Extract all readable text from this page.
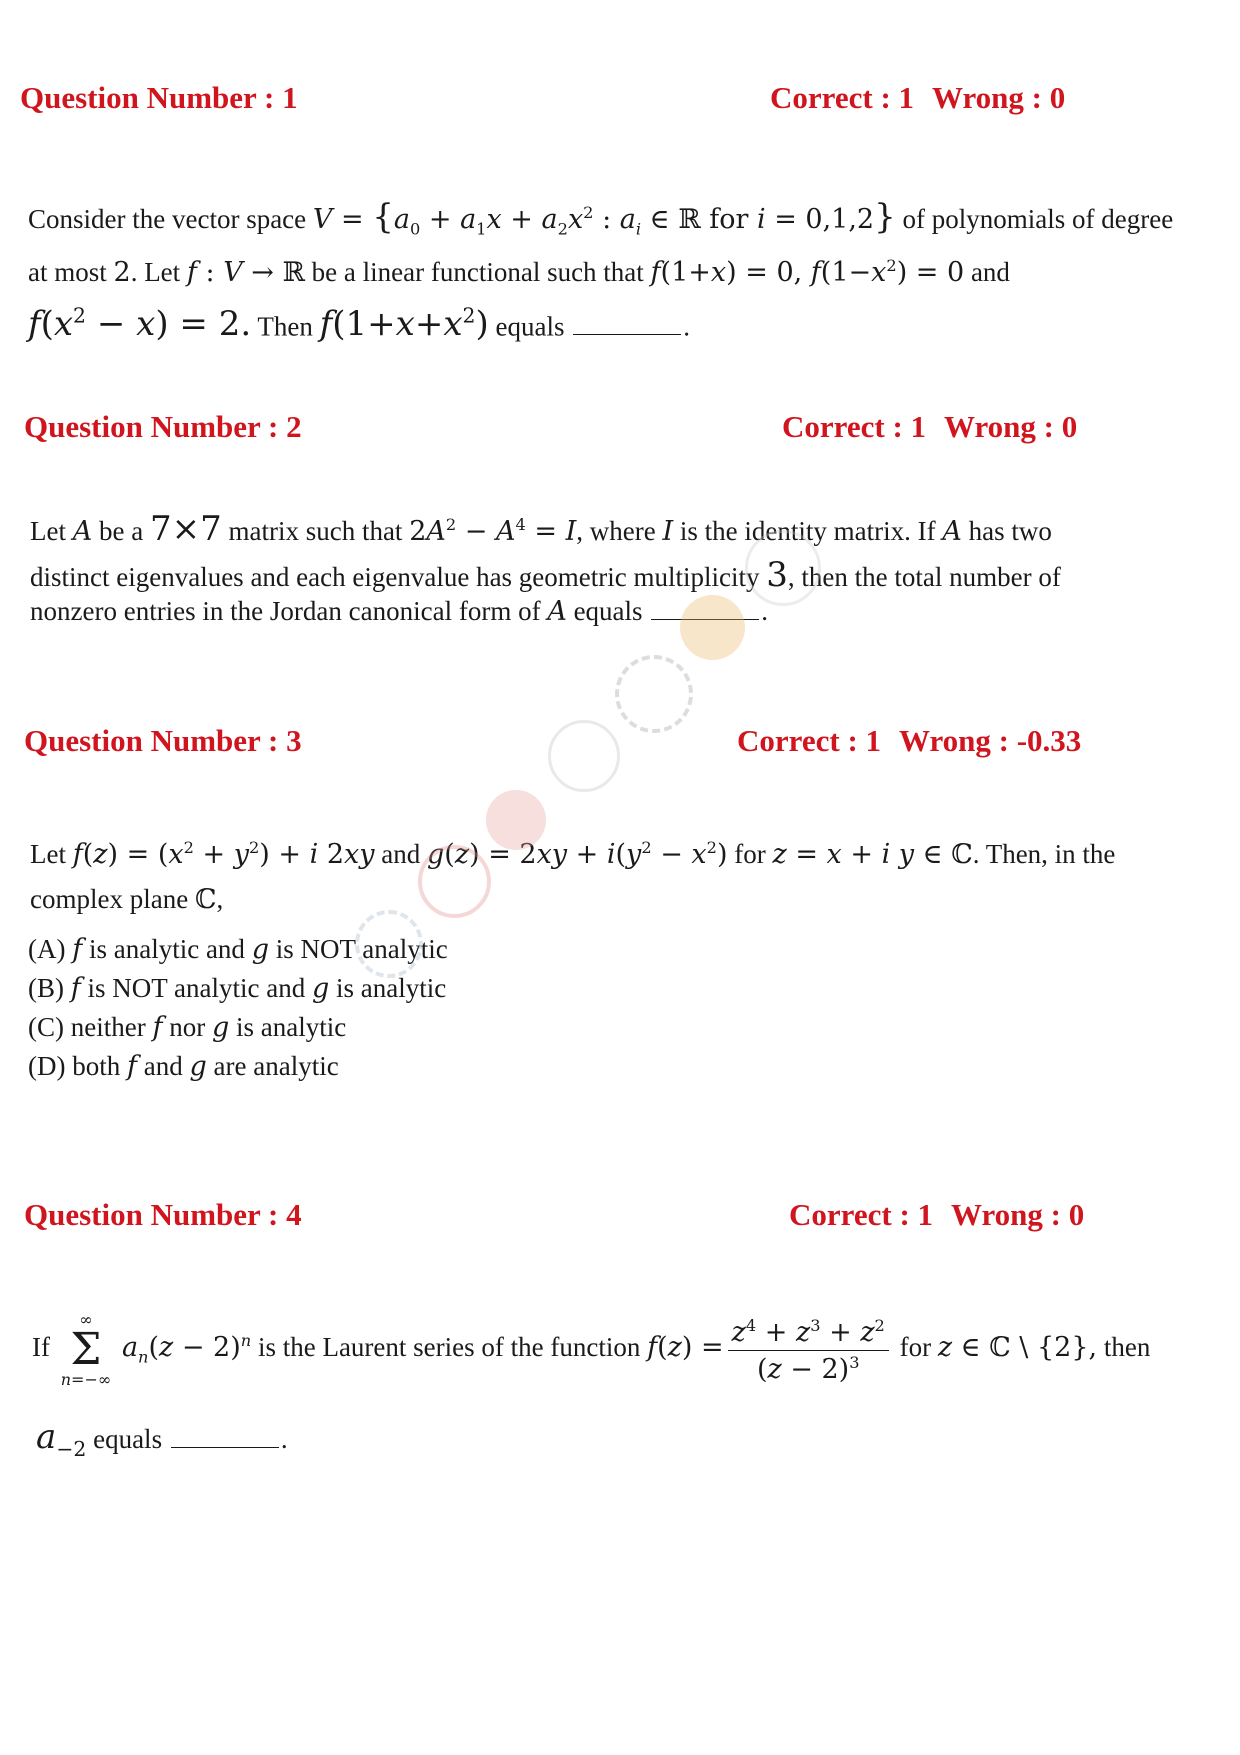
Question Number : 1	Correct : 1 Wrong : 0
Consider the vector space $V = \{a_0 + a_1x + a_2x^2$ : $a_i$ ∈ ℝ for i = 0,1,2} of polynomials of degree
at most 2. Let f : V → ℝ be a linear functional such that f(1+x) = 0, $f(1-x^2) = 0$ and
$f(x^2 - x) = 2$. Then $f(1+x+x^2)$ equals	.
Question Number : 2	Correct : 1 Wrong : 0
Let A be a 7×7 matrix such that $2A^2 - A^4 = I$, where I is the identity matrix. If A has two
distinct eigenvalues and each eigenvalue has geometric multiplicity 3, then the total number of
nonzero entries in the Jordan canonical form of A equals	.
Question Number : 3	Correct : 1 Wrong : -0.33
Let $f(z) = (x^2 + y^2) + i$ 2xy and $g(z) = 2xy + i(y^2 - x^2)$ for z = x + i y ∈ ℂ. Then, in the
complex plane ℂ,
(A) f is analytic and g is NOT analytic
(B) f is NOT analytic and g is analytic
(C) neither f nor g is analytic
(D) both f and g are analytic
Question Number : 4	Correct : 1 Wrong : 0
If
∞
Σ
n=−∞
$a_n(z - 2)^n$ is the Laurent series of the function $f(z) = \frac{z^4 + z^3 + z^2}{(z - 2)^3}$ for z ∈ ℂ \ {2}, then
$a_{-2}$ equals	.
